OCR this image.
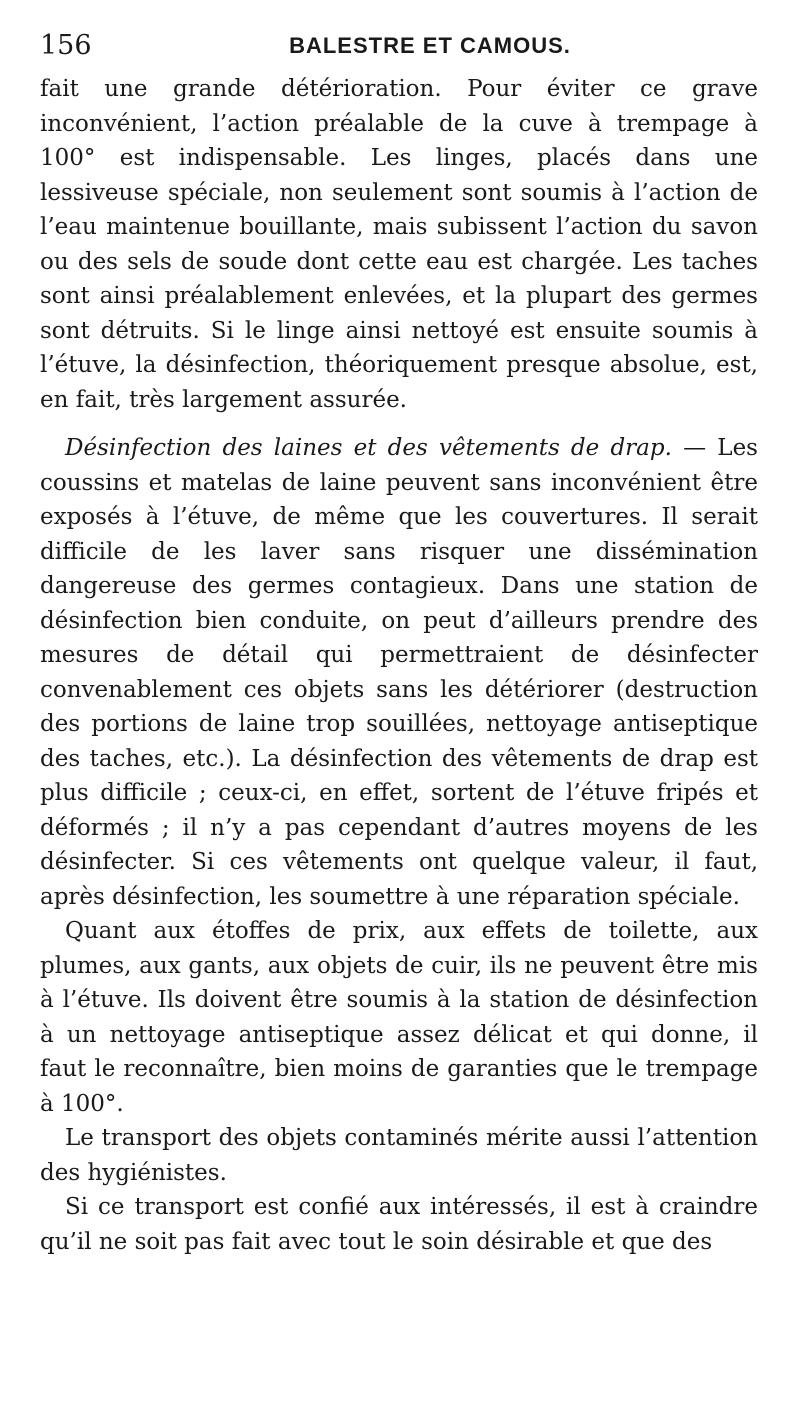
156	BALESTRE ET CAMOUS.

fait une grande détérioration. Pour éviter ce grave inconvénient, l’action préalable de la cuve à trempage à 100° est indispensable. Les linges, placés dans une lessiveuse spéciale, non seulement sont soumis à l’action de l’eau maintenue bouillante, mais subissent l’action du savon ou des sels de soude dont cette eau est chargée. Les taches sont ainsi préalablement enlevées, et la plupart des germes sont détruits. Si le linge ainsi nettoyé est ensuite soumis à l’étuve, la désinfection, théoriquement presque absolue, est, en fait, très largement assurée.

Désinfection des laines et des vêtements de drap. — Les coussins et matelas de laine peuvent sans inconvénient être exposés à l’étuve, de même que les couvertures. Il serait difficile de les laver sans risquer une dissémination dangereuse des germes contagieux. Dans une station de désinfection bien conduite, on peut d’ailleurs prendre des mesures de détail qui permettraient de désinfecter convenablement ces objets sans les détériorer (destruction des portions de laine trop souillées, nettoyage antiseptique des taches, etc.). La désinfection des vêtements de drap est plus difficile ; ceux-ci, en effet, sortent de l’étuve fripés et déformés ; il n’y a pas cependant d’autres moyens de les désinfecter. Si ces vêtements ont quelque valeur, il faut, après désinfection, les soumettre à une réparation spéciale.

Quant aux étoffes de prix, aux effets de toilette, aux plumes, aux gants, aux objets de cuir, ils ne peuvent être mis à l’étuve. Ils doivent être soumis à la station de désinfection à un nettoyage antiseptique assez délicat et qui donne, il faut le reconnaître, bien moins de garanties que le trempage à 100°.

Le transport des objets contaminés mérite aussi l’attention des hygiénistes.

Si ce transport est confié aux intéressés, il est à craindre qu’il ne soit pas fait avec tout le soin désirable et que des
